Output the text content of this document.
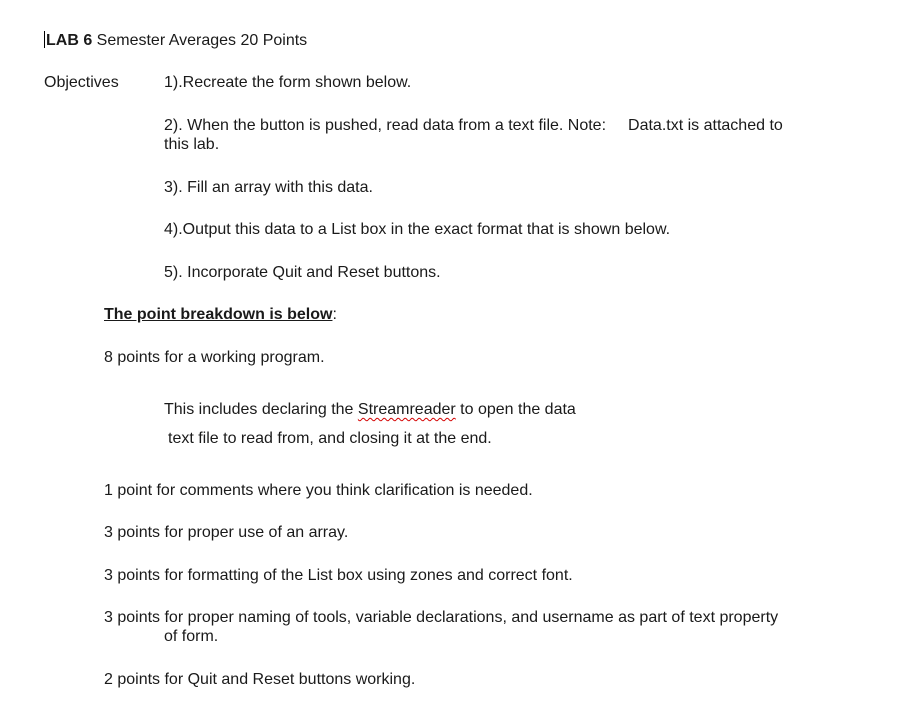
LAB 6 Semester Averages 20 Points
Objectives	1).Recreate the form shown below.
2). When the button is pushed, read data from a text file. Note: Data.txt is attached to
this lab.
3). Fill an array with this data.
4).Output this data to a List box in the exact format that is shown below.
5). Incorporate Quit and Reset buttons.
The point breakdown is below:
8 points for a working program.
This includes declaring the Streamreader to open the data
text file to read from, and closing it at the end.
1 point for comments where you think clarification is needed.
3 points for proper use of an array.
3 points for formatting of the List box using zones and correct font.
3 points for proper naming of tools, variable declarations, and username as part of text property
of form.
2 points for Quit and Reset buttons working.
